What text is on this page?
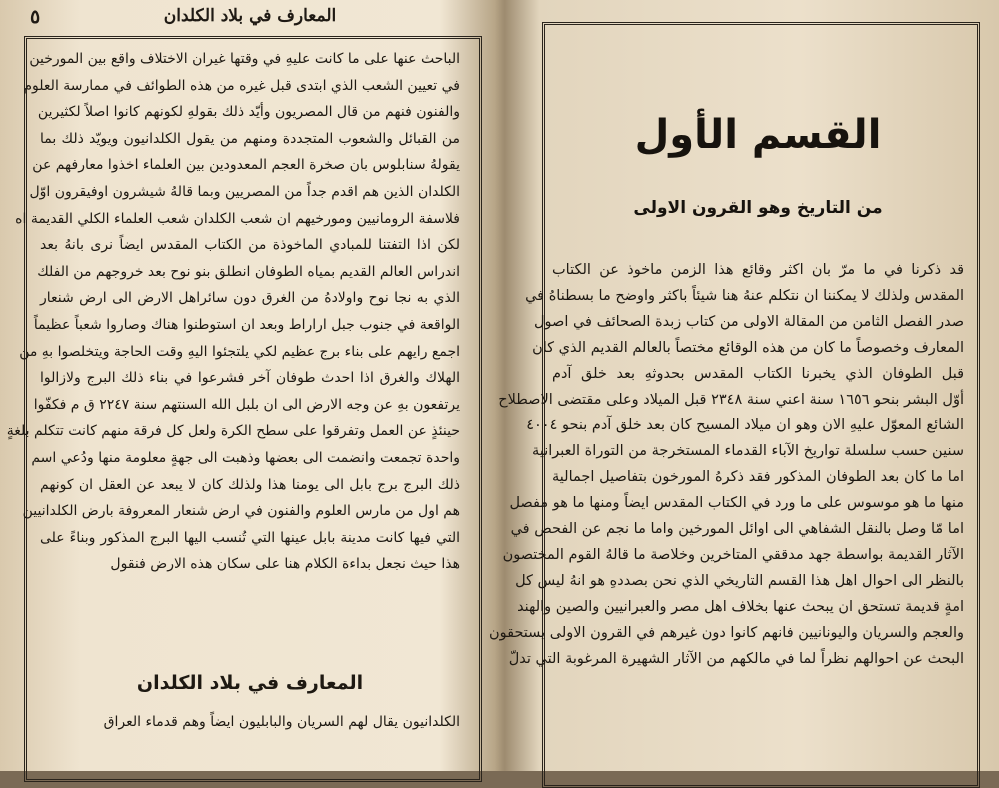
٥	المعارف في بلاد الكلدان
الباحث عنها على ما كانت عليهِ في وقتها غيران الاختلاف واقع بين المورخين
في تعيين الشعب الذي ابتدى قبل غيره من هذه الطوائف في ممارسة العلوم
والفنون فنهم من قال المصريون وأيّد ذلك بقولهِ لكونهم كانوا اصلاً لكثيرين
من القبائل والشعوب المتجددة ومنهم من يقول الكلدانيون ويويّد ذلك بما
يقولهُ سنابلوس بان صخرة العجم المعدودين بين العلماء اخذوا معارفهم عن
الكلدان الذين هم اقدم جداً من المصريين وبما قالهُ شيشرون اوفيقرون اوّل
فلاسفة الرومانيين ومورخيهم ان شعب الكلدان شعب العلماء الكلي القديمة اه
لكن اذا التفتنا للمبادي الماخوذة من الكتاب المقدس ايضاً نرى بانهُ بعد
اندراس العالم القديم بمياه الطوفان انطلق بنو نوح بعد خروجهم من الفلك
الذي به نجا نوح واولادهُ من الغرق دون سائراهل الارض الى ارض شنعار
الواقعة في جنوب جبل اراراط وبعد ان استوطنوا هناك وصاروا شعباً عظيماً
اجمع رايهم على بناء برج عظيم لكي يلتجئوا اليهِ وقت الحاجة ويتخلصوا بهِ من
الهلاك والغرق اذا احدث طوفان آخر فشرعوا في بناء ذلك البرج ولازالوا
يرتفعون بهِ عن وجه الارض الى ان بلبل الله السنتهم سنة ٢٢٤٧ ق م فكفّوا
حينئذٍ عن العمل وتفرقوا على سطح الكرة ولعل كل فرقة منهم كانت تتكلم بلغةٍ
واحدة تجمعت وانضمت الى بعضها وذهبت الى جهةٍ معلومة منها ودُعي اسم
ذلك البرج برج بابل الى يومنا هذا ولذلك كان لا يبعد عن العقل ان كونهم
هم اول من مارس العلوم والفنون في ارض شنعار المعروفة بارض الكلدانيين
التي فيها كانت مدينة بابل عينها التي تُنسب اليها البرج المذكور وبناءً على
هذا حيث نجعل بداءة الكلام هنا على سكان هذه الارض فنقول
المعارف في بلاد الكلدان
الكلدانيون يقال لهم السريان والبابليون ايضاً وهم قدماء العراق
القسم الأول
من التاريخ وهو القرون الاولى
قد ذكرنا في ما مرّ بان اكثر وقائع هذا الزمن ماخوذ عن الكتاب
المقدس ولذلك لا يمكننا ان نتكلم عنهُ هنا شيئاً باكثر واوضح ما بسطناهُ في
صدر الفصل الثامن من المقالة الاولى من كتاب زبدة الصحائف في اصول
المعارف وخصوصاً ما كان من هذه الوقائع مختصاً بالعالم القديم الذي كان
قبل الطوفان الذي يخبرنا الكتاب المقدس بحدوثهِ بعد خلق آدم
أوّل البشر بنحو ١٦٥٦ سنة اعني سنة ٢٣٤٨ قبل الميلاد وعلى مقتضى الاصطلاح
الشائع المعوّل عليهِ الان وهو ان ميلاد المسيح كان بعد خلق آدم بنحو ٤٠٠٤
سنين حسب سلسلة تواريخ الآباء القدماء المستخرجة من التوراة العبرانية
اما ما كان بعد الطوفان المذكور فقد ذكرهُ المورخون بتفاصيل اجمالية
منها ما هو موسوس على ما ورد في الكتاب المقدس ايضاً ومنها ما هو مفصل
اما مّا وصل بالنقل الشفاهي الى اوائل المورخين واما ما نجم عن الفحص في
الآثار القديمة بواسطة جهد مدققي المتاخرين وخلاصة ما قالهُ القوم المختصون
بالنظر الى احوال اهل هذا القسم التاريخي الذي نحن بصددهِ هو انهُ ليس كل
امةٍ قديمة تستحق ان يبحث عنها بخلاف اهل مصر والعبرانيين والصين والهند
والعجم والسريان واليونانيين فانهم كانوا دون غيرهم في القرون الاولى يستحقون
البحث عن احوالهم نظراً لما في مالكهم من الآثار الشهيرة المرغوبة التي تدلّ
